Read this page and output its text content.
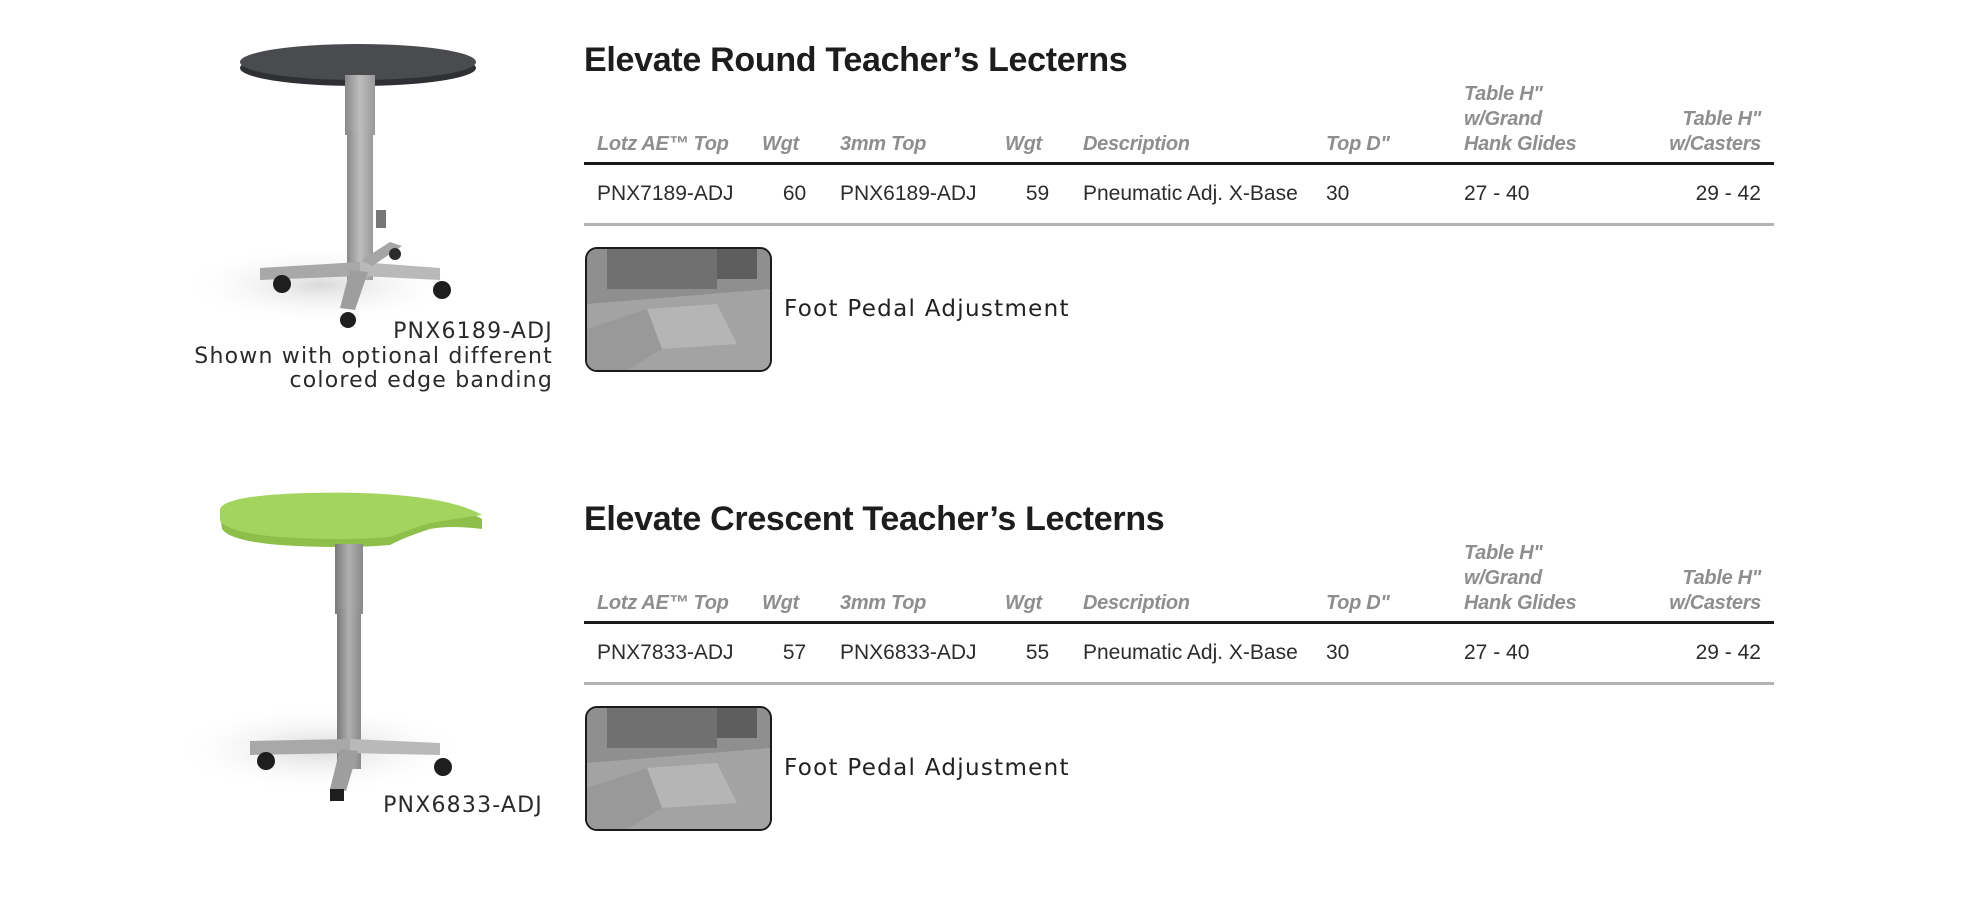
PNX6189-ADJ
Shown with optional different
colored edge banding
Elevate Round Teacher’s Lecterns
Lotz AE™ Top	Wgt	3mm Top	Wgt	Description	Top D"	Table H"
w/Grand
Hank Glides	Table H"
w/Casters
PNX7189-ADJ	60	PNX6189-ADJ	59	Pneumatic Adj. X-Base	30	27 - 40	29 - 42
Foot Pedal Adjustment
PNX6833-ADJ
Elevate Crescent Teacher’s Lecterns
Lotz AE™ Top	Wgt	3mm Top	Wgt	Description	Top D"	Table H"
w/Grand
Hank Glides	Table H"
w/Casters
PNX7833-ADJ	57	PNX6833-ADJ	55	Pneumatic Adj. X-Base	30	27 - 40	29 - 42
Foot Pedal Adjustment
